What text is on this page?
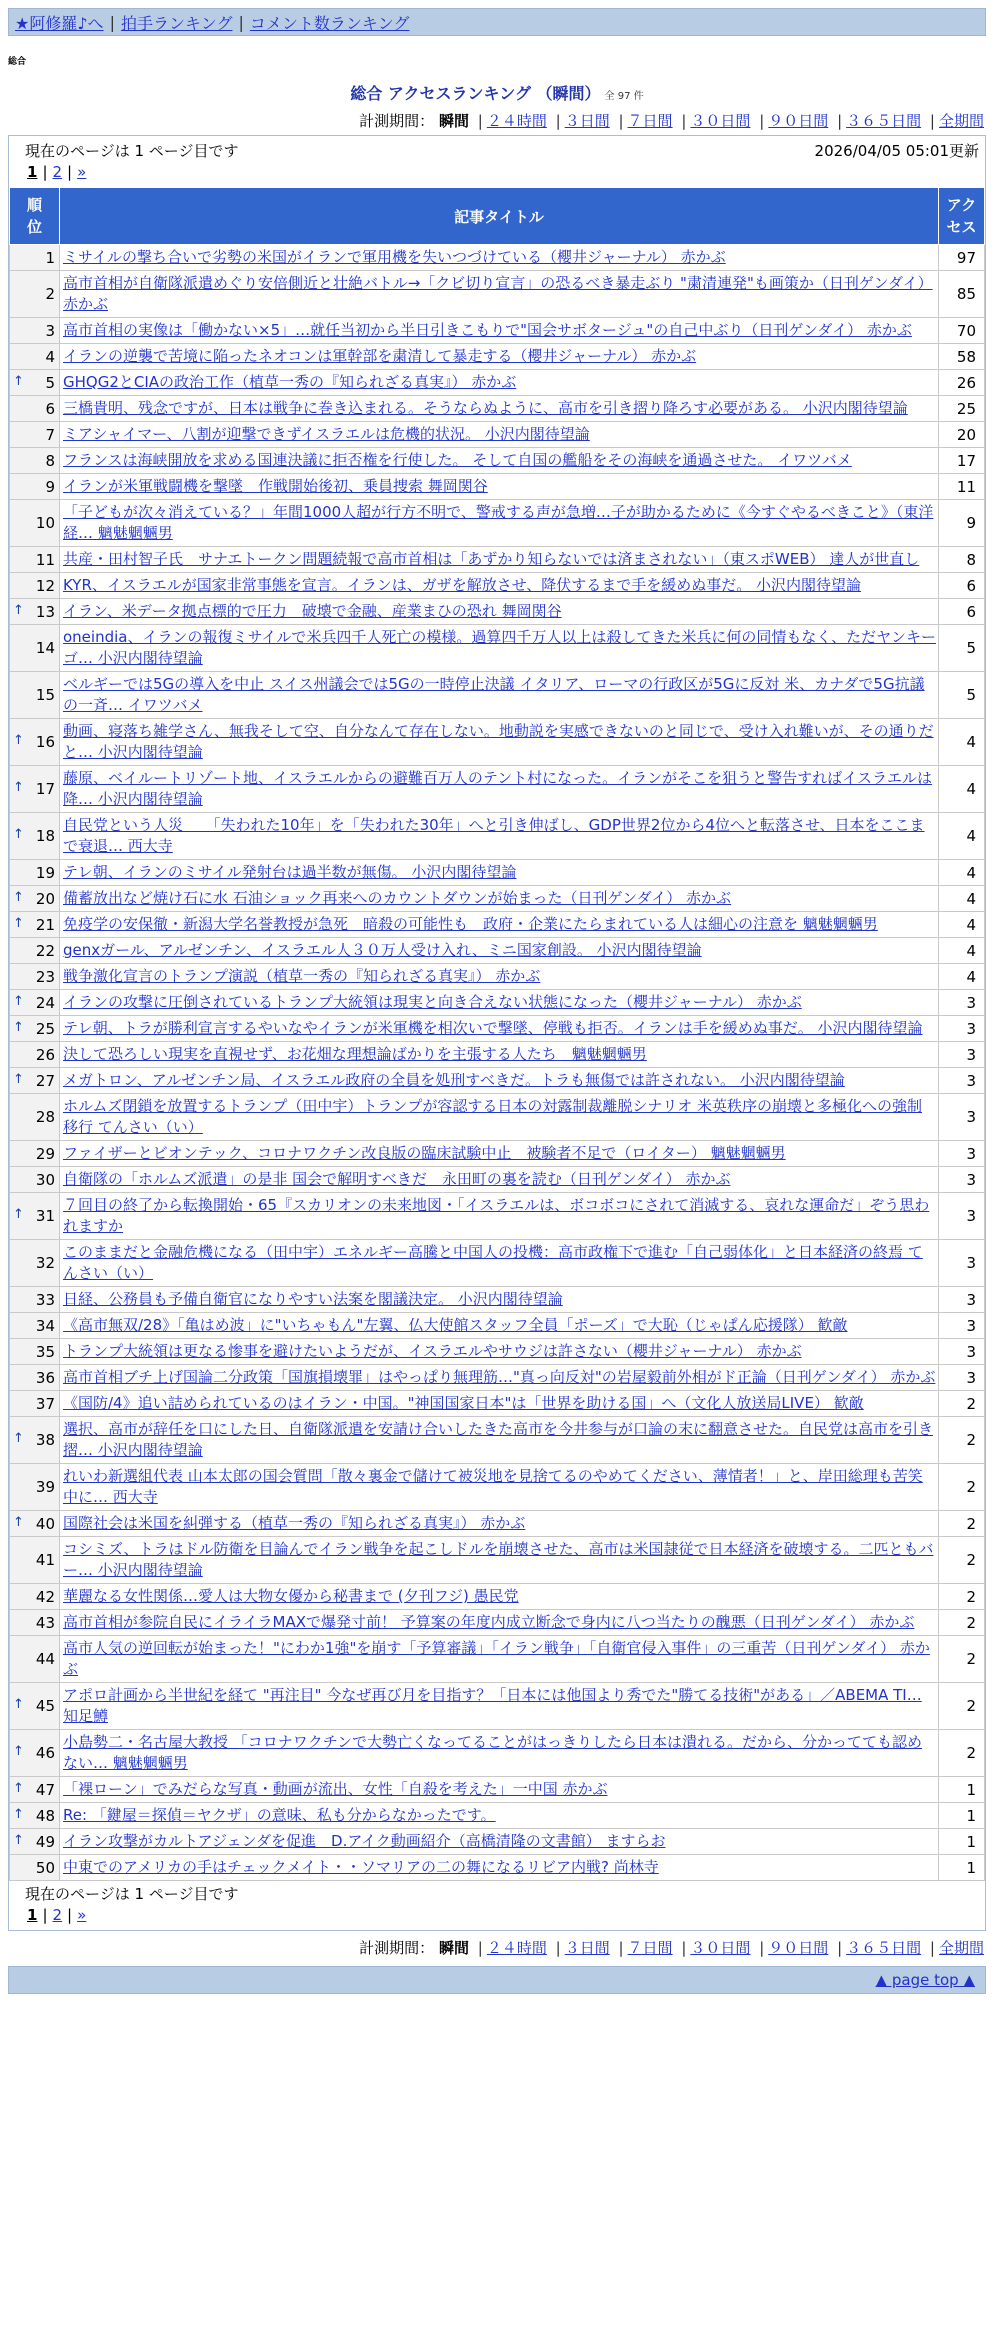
★阿修羅♪へ | 拍手ランキング | コメント数ランキング
総合
総合 アクセスランキング （瞬間） 全 97 件
計測期間： 瞬間 | ２４時間 | ３日間 | ７日間 | ３０日間 | ９０日間 | ３６５日間 | 全期間
現在のページは 1 ページ目です	2026/04/05 05:01更新
1 | 2 | »
順位	記事タイトル	アクセス
1	ミサイルの撃ち合いで劣勢の米国がイランで軍用機を失いつづけている（櫻井ジャーナル） 赤かぶ	97
2	高市首相が自衛隊派遣めぐり安倍側近と壮絶バトル→「クビ切り宣言」の恐るべき暴走ぶり "粛清連発"も画策か（日刊ゲンダイ） 赤かぶ	85
3	高市首相の実像は「働かない×5」…就任当初から半日引きこもりで"国会サボタージュ"の自己中ぶり（日刊ゲンダイ） 赤かぶ	70
4	イランの逆襲で苦境に陥ったネオコンは軍幹部を粛清して暴走する（櫻井ジャーナル） 赤かぶ	58

↑ 5	GHQG2とCIAの政治工作（植草一秀の『知られざる真実』） 赤かぶ	26
6	三橋貴明、残念ですが、日本は戦争に巻き込まれる。そうならぬように、高市を引き摺り降ろす必要がある。 小沢内閣待望論	25
7	ミアシャイマー、八割が迎撃できずイスラエルは危機的状況。 小沢内閣待望論	20
8	フランスは海峡開放を求める国連決議に拒否権を行使した。 そして自国の艦船をその海峡を通過させた。 イワツバメ	17
9	イランが米軍戦闘機を撃墜　作戦開始後初、乗員捜索 舞岡関谷	11
10	「子どもが次々消えている？」年間1000人超が行方不明で、警戒する声が急増…子が助かるために《今すぐやるべきこと》（東洋経… 魑魅魍魎男	9
11	共産・田村智子氏　サナエトークン問題続報で高市首相は「あずかり知らないでは済まされない」（東スポWEB） 達人が世直し	8
12	KYR、イスラエルが国家非常事態を宣言。イランは、ガザを解放させ、降伏するまで手を緩めぬ事だ。 小沢内閣待望論	6

↑ 13	イラン、米データ拠点標的で圧力　破壊で金融、産業まひの恐れ 舞岡関谷	6
14	oneindia、イランの報復ミサイルで米兵四千人死亡の模様。過算四千万人以上は殺してきた米兵に何の同情もなく、ただヤンキーゴ… 小沢内閣待望論	5
15	ベルギーでは5Gの導入を中止 スイス州議会では5Gの一時停止決議 イタリア、ローマの行政区が5Gに反対 米、カナダで5G抗議の一斉… イワツバメ	5

↑ 16	動画、寝落ち雑学さん、無我そして空、自分なんて存在しない。地動説を実感できないのと同じで、受け入れ難いが、その通りだと… 小沢内閣待望論	4

↑ 17	藤原、ベイルートリゾート地、イスラエルからの避難百万人のテント村になった。イランがそこを狙うと警告すればイスラエルは降… 小沢内閣待望論	4

↑ 18	自民党という人災　　「失われた10年」を「失われた30年」へと引き伸ばし、GDP世界2位から4位へと転落させ、日本をここまで衰退… 西大寺	4
19	テレ朝、イランのミサイル発射台は過半数が無傷。 小沢内閣待望論	4

↑ 20	備蓄放出など焼け石に水 石油ショック再来へのカウントダウンが始まった（日刊ゲンダイ） 赤かぶ	4

↑ 21	免疫学の安保徹・新潟大学名誉教授が急死　暗殺の可能性も　政府・企業にたらまれている人は細心の注意を 魑魅魍魎男	4
22	genxガール、アルゼンチン、イスラエル人３０万人受け入れ、ミニ国家創設。 小沢内閣待望論	4
23	戦争激化宣言のトランプ演説（植草一秀の『知られざる真実』） 赤かぶ	4

↑ 24	イランの攻撃に圧倒されているトランプ大統領は現実と向き合えない状態になった（櫻井ジャーナル） 赤かぶ	3

↑ 25	テレ朝、トラが勝利宣言するやいなやイランが米軍機を相次いで撃墜、停戦も拒否。イランは手を緩めぬ事だ。 小沢内閣待望論	3
26	決して恐ろしい現実を直視せず、お花畑な理想論ばかりを主張する人たち　魑魅魍魎男	3

↑ 27	メガトロン、アルゼンチン局、イスラエル政府の全員を処刑すべきだ。トラも無傷では許されない。 小沢内閣待望論	3
28	ホルムズ閉鎖を放置するトランプ（田中宇）トランプが容認する日本の対露制裁離脱シナリオ 米英秩序の崩壊と多極化への強制移行 てんさい（い）	3
29	ファイザーとビオンテック、コロナワクチン改良版の臨床試験中止　被験者不足で（ロイター） 魑魅魍魎男	3
30	自衛隊の「ホルムズ派遣」の是非 国会で解明すべきだ　永田町の裏を読む（日刊ゲンダイ） 赤かぶ	3

↑ 31	７回目の終了から転換開始・65『スカリオンの未来地図・「イスラエルは、ボコボコにされて消滅する、哀れな運命だ」ぞう思われますか	3
32	このままだと金融危機になる（田中宇）エネルギー高騰と中国人の投機：高市政権下で進む「自己弱体化」と日本経済の終焉 てんさい（い）	3
33	日経、公務員も予備自衛官になりやすい法案を閣議決定。 小沢内閣待望論	3
34	《高市無双/28》「亀はめ波」に"いちゃもん"左翼、仏大使館スタッフ全員「ポーズ」で大恥（じゃぱん応援隊） 歓敵	3
35	トランプ大統領は更なる惨事を避けたいようだが、イスラエルやサウジは許さない（櫻井ジャーナル） 赤かぶ	3
36	高市首相ブチ上げ国論二分政策「国旗損壊罪」はやっぱり無理筋…"真っ向反対"の岩屋毅前外相がド正論（日刊ゲンダイ） 赤かぶ	3
37	《国防/4》追い詰められているのはイラン・中国。"神国国家日本"は「世界を助ける国」へ（文化人放送局LIVE） 歓敵	2

↑ 38	選択、高市が辞任を口にした日、自衛隊派遣を安請け合いしたきた高市を今井参与が口論の末に翻意させた。自民党は高市を引き摺… 小沢内閣待望論	2
39	れいわ新選組代表 山本太郎の国会質問「散々裏金で儲けて被災地を見捨てるのやめてください、薄情者！」と、岸田総理も苦笑中に… 西大寺	2

↑ 40	国際社会は米国を糾弾する（植草一秀の『知られざる真実』） 赤かぶ	2
41	コシミズ、トラはドル防衛を目論んでイラン戦争を起こしドルを崩壊させた、高市は米国隷従で日本経済を破壊する。二匹ともバー… 小沢内閣待望論	2
42	華麗なる女性関係…愛人は大物女優から秘書まで (夕刊フジ) 愚民党	2
43	高市首相が参院自民にイライラMAXで爆発寸前！ 予算案の年度内成立断念で身内に八つ当たりの醜悪（日刊ゲンダイ） 赤かぶ	2
44	高市人気の逆回転が始まった！"にわか1強"を崩す「予算審議」「イラン戦争」「自衛官侵入事件」の三重苦（日刊ゲンダイ） 赤かぶ	2

↑ 45	アポロ計画から半世紀を経て "再注目" 今なぜ再び月を目指す？「日本には他国より秀でた"勝てる技術"がある」／ABEMA TI… 知足鱒	2

↑ 46	小島勢二・名古屋大教授 「コロナワクチンで大勢亡くなってることがはっきりしたら日本は潰れる。だから、分かってても認めない… 魑魅魍魎男	2

↑ 47	「裸ローン」でみだらな写真・動画が流出、女性「自殺を考えた」一中国 赤かぶ	1

↑ 48	Re: 「鍵屋＝探偵＝ヤクザ」の意味、私も分からなかったです。	1

↑ 49	イラン攻撃がカルトアジェンダを促進　D.アイク動画紹介（高橋清隆の文書館） ますらお	1
50	中東でのアメリカの手はチェックメイト・・ソマリアの二の舞になるリビア内戦? 尚林寺	1
現在のページは 1 ページ目です
1 | 2 | »
計測期間： 瞬間 | ２４時間 | ３日間 | ７日間 | ３０日間 | ９０日間 | ３６５日間 | 全期間
▲ page top ▲
